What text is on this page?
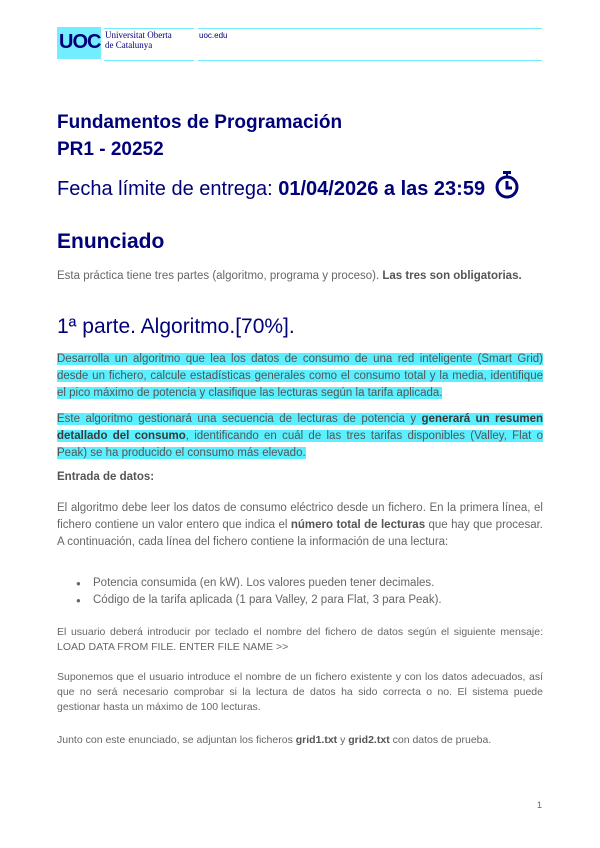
UOC Universitat Oberta
de Catalunya
uoc.edu
Fundamentos de Programación
PR1 - 20252
Fecha límite de entrega: 01/04/2026 a las 23:59
Enunciado

Esta práctica tiene tres partes (algoritmo, programa y proceso). Las tres son obligatorias.

1ª parte. Algoritmo.[70%].

Desarrolla un algoritmo que lea los datos de consumo de una red inteligente (Smart Grid) desde un fichero, calcule estadísticas generales como el consumo total y la media, identifique el pico máximo de potencia y clasifique las lecturas según la tarifa aplicada.

Este algoritmo gestionará una secuencia de lecturas de potencia y generará un resumen detallado del consumo, identificando en cuál de las tres tarifas disponibles (Valley, Flat o Peak) se ha producido el consumo más elevado.

Entrada de datos:

El algoritmo debe leer los datos de consumo eléctrico desde un fichero. En la primera línea, el fichero contiene un valor entero que indica el número total de lecturas que hay que procesar. A continuación, cada línea del fichero contiene la información de una lectura:

● Potencia consumida (en kW). Los valores pueden tener decimales.
● Código de la tarifa aplicada (1 para Valley, 2 para Flat, 3 para Peak).

El usuario deberá introducir por teclado el nombre del fichero de datos según el siguiente mensaje: LOAD DATA FROM FILE. ENTER FILE NAME >>

Suponemos que el usuario introduce el nombre de un fichero existente y con los datos adecuados, así que no será necesario comprobar si la lectura de datos ha sido correcta o no. El sistema puede gestionar hasta un máximo de 100 lecturas.

Junto con este enunciado, se adjuntan los ficheros grid1.txt y grid2.txt con datos de prueba.

1
